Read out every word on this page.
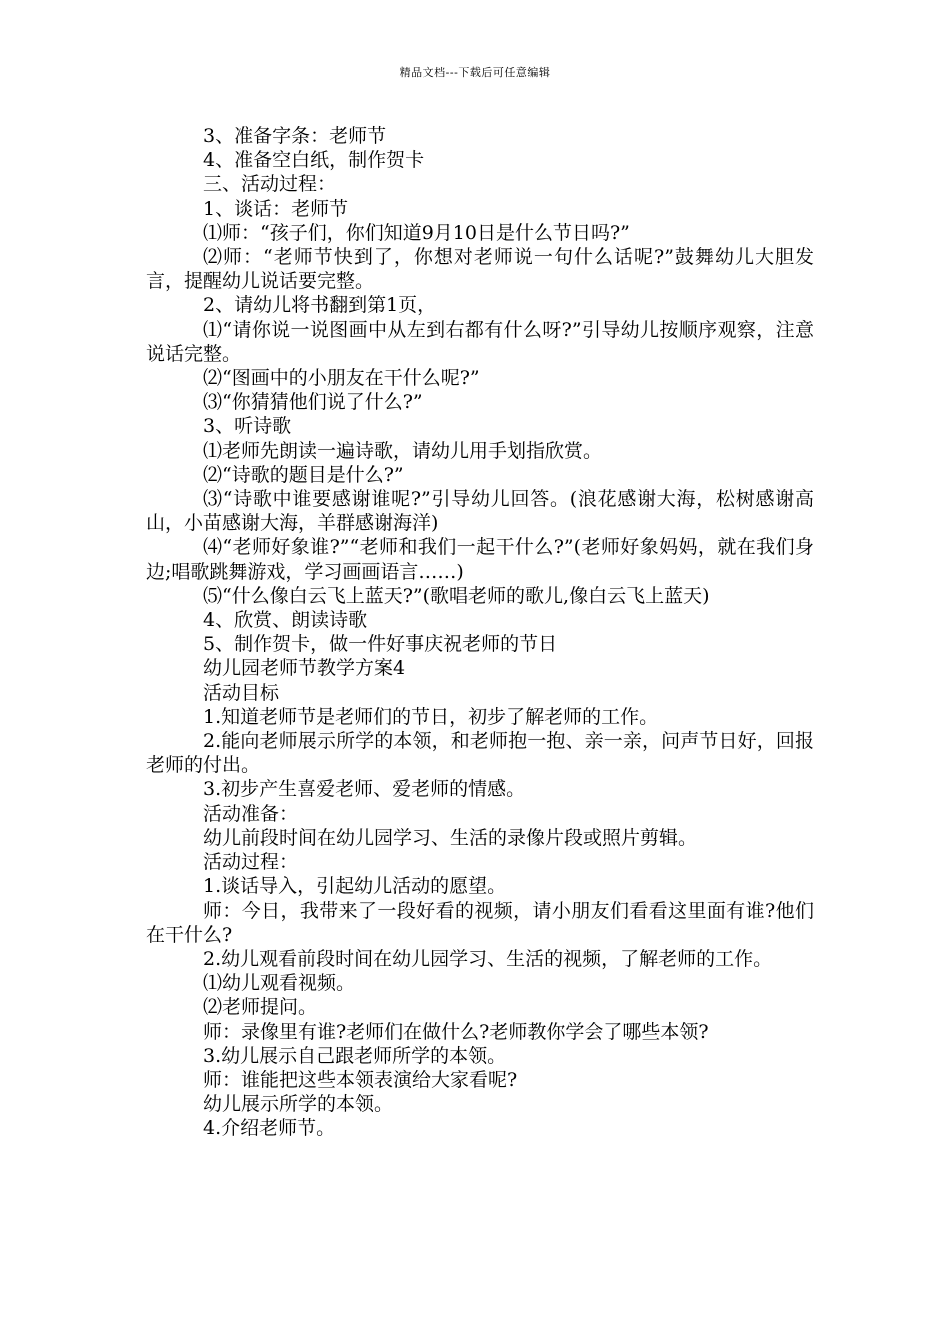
精品文档---下载后可任意编辑

3、准备字条：老师节

4、准备空白纸，制作贺卡

三、活动过程：

1、谈话：老师节

⑴师：“孩子们，你们知道9月10日是什么节日吗?”

⑵师：“老师节快到了，你想对老师说一句什么话呢?”鼓舞幼儿大胆发言，提醒幼儿说话要完整。

2、请幼儿将书翻到第1页，

⑴“请你说一说图画中从左到右都有什么呀?”引导幼儿按顺序观察，注意说话完整。

⑵“图画中的小朋友在干什么呢?”

⑶“你猜猜他们说了什么?”

3、听诗歌

⑴老师先朗读一遍诗歌，请幼儿用手划指欣赏。

⑵“诗歌的题目是什么?”

⑶“诗歌中谁要感谢谁呢?”引导幼儿回答。(浪花感谢大海，松树感谢高山，小苗感谢大海，羊群感谢海洋)

⑷“老师好象谁?”“老师和我们一起干什么?”(老师好象妈妈，就在我们身边;唱歌跳舞游戏，学习画画语言……)

⑸“什么像白云飞上蓝天?”(歌唱老师的歌儿,像白云飞上蓝天)

4、欣赏、朗读诗歌

5、制作贺卡，做一件好事庆祝老师的节日

幼儿园老师节教学方案4

活动目标

1.知道老师节是老师们的节日，初步了解老师的工作。

2.能向老师展示所学的本领，和老师抱一抱、亲一亲，问声节日好，回报老师的付出。

3.初步产生喜爱老师、爱老师的情感。

活动准备：

幼儿前段时间在幼儿园学习、生活的录像片段或照片剪辑。

活动过程：

1.谈话导入，引起幼儿活动的愿望。

师：今日，我带来了一段好看的视频，请小朋友们看看这里面有谁?他们在干什么?

2.幼儿观看前段时间在幼儿园学习、生活的视频，了解老师的工作。

⑴幼儿观看视频。

⑵老师提问。

师：录像里有谁?老师们在做什么?老师教你学会了哪些本领?

3.幼儿展示自己跟老师所学的本领。

师：谁能把这些本领表演给大家看呢?

幼儿展示所学的本领。

4.介绍老师节。
